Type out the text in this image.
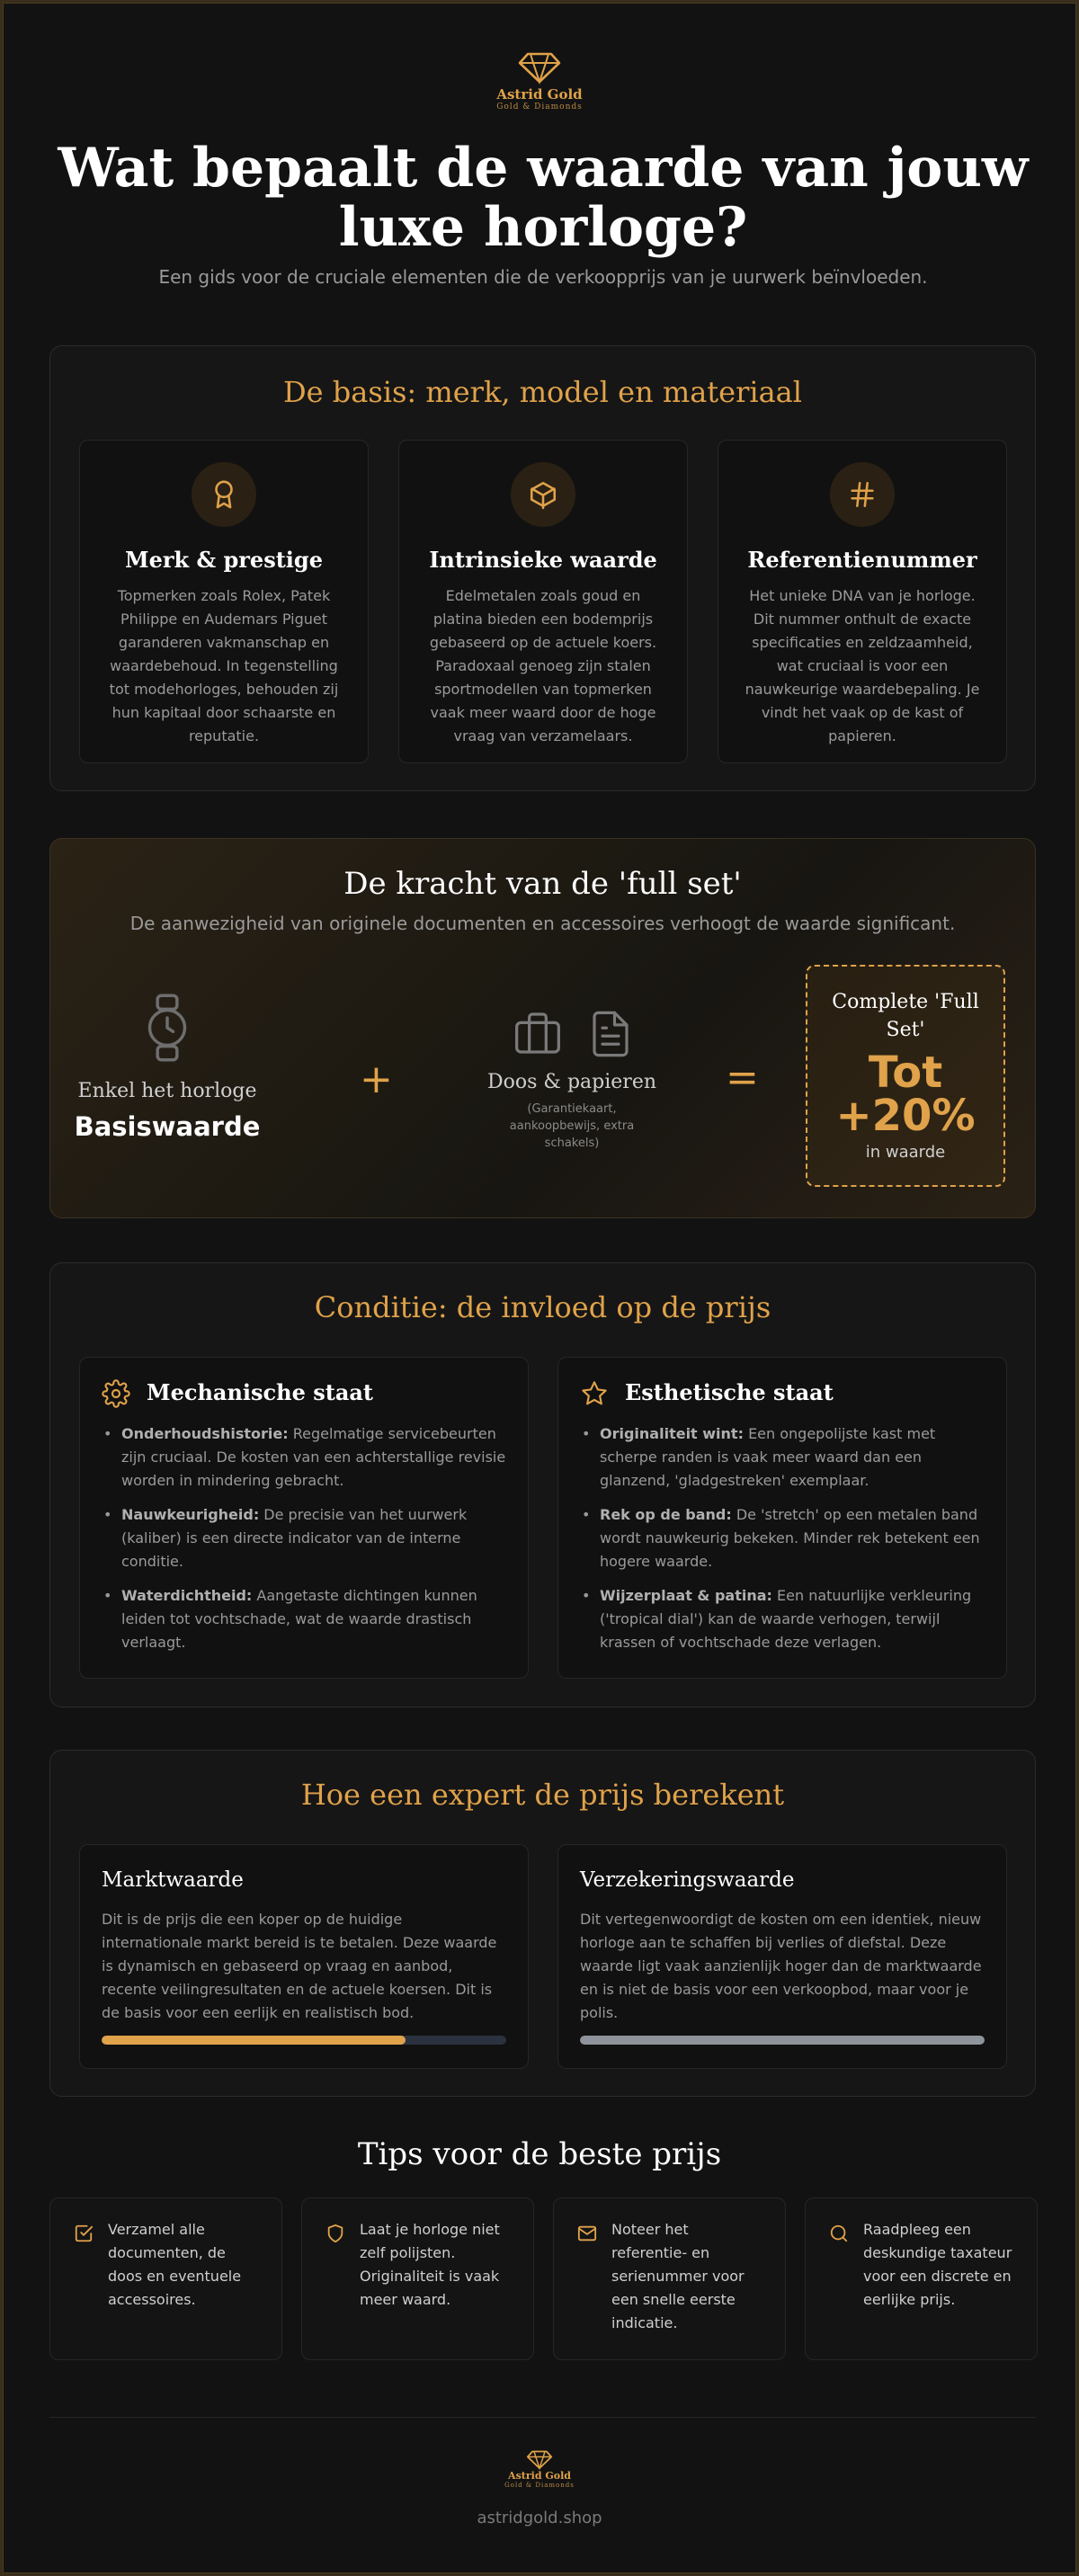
Astrid Gold
Gold & Diamonds
Wat bepaalt de waarde van jouw luxe horloge?
Een gids voor de cruciale elementen die de verkoopprijs van je uurwerk beïnvloeden.
De basis: merk, model en materiaal
Merk & prestige

Topmerken zoals Rolex, Patek Philippe en Audemars Piguet garanderen vakmanschap en waardebehoud. In tegenstelling tot modehorloges, behouden zij hun kapitaal door schaarste en reputatie.

Intrinsieke waarde

Edelmetalen zoals goud en platina bieden een bodemprijs gebaseerd op de actuele koers. Paradoxaal genoeg zijn stalen sportmodellen van topmerken vaak meer waard door de hoge vraag van verzamelaars.

Referentienummer

Het unieke DNA van je horloge. Dit nummer onthult de exacte specificaties en zeldzaamheid, wat cruciaal is voor een nauwkeurige waardebepaling. Je vindt het vaak op de kast of papieren.

De kracht van de 'full set'
De aanwezigheid van originele documenten en accessoires verhoogt de waarde significant.
Enkel het horloge
Basiswaarde
+	Doos & papieren
(Garantiekaart, aankoopbewijs, extra schakels)
=
Complete 'Full Set'
Tot
+20%
in waarde
Conditie: de invloed op de prijs
Mechanische staat
• Onderhoudshistorie: Regelmatige servicebeurten zijn cruciaal. De kosten van een achterstallige revisie worden in mindering gebracht.
• Nauwkeurigheid: De precisie van het uurwerk (kaliber) is een directe indicator van de interne conditie.
• Waterdichtheid: Aangetaste dichtingen kunnen leiden tot vochtschade, wat de waarde drastisch verlaagt.
Esthetische staat
• Originaliteit wint: Een ongepolijste kast met scherpe randen is vaak meer waard dan een glanzend, 'gladgestreken' exemplaar.
• Rek op de band: De 'stretch' op een metalen band wordt nauwkeurig bekeken. Minder rek betekent een hogere waarde.
• Wijzerplaat & patina: Een natuurlijke verkleuring ('tropical dial') kan de waarde verhogen, terwijl krassen of vochtschade deze verlagen.
Hoe een expert de prijs berekent
Marktwaarde

Dit is de prijs die een koper op de huidige internationale markt bereid is te betalen. Deze waarde is dynamisch en gebaseerd op vraag en aanbod, recente veilingresultaten en de actuele koersen. Dit is de basis voor een eerlijk en realistisch bod.

Verzekeringswaarde

Dit vertegenwoordigt de kosten om een identiek, nieuw horloge aan te schaffen bij verlies of diefstal. Deze waarde ligt vaak aanzienlijk hoger dan de marktwaarde en is niet de basis voor een verkoopbod, maar voor je polis.

Tips voor de beste prijs

Verzamel alle documenten, de doos en eventuele accessoires.

Laat je horloge niet zelf polijsten. Originaliteit is vaak meer waard.

Noteer het referentie- en serienummer voor een snelle eerste indicatie.

Raadpleeg een deskundige taxateur voor een discrete en eerlijke prijs.

Astrid Gold
Gold & Diamonds
astridgold.shop
